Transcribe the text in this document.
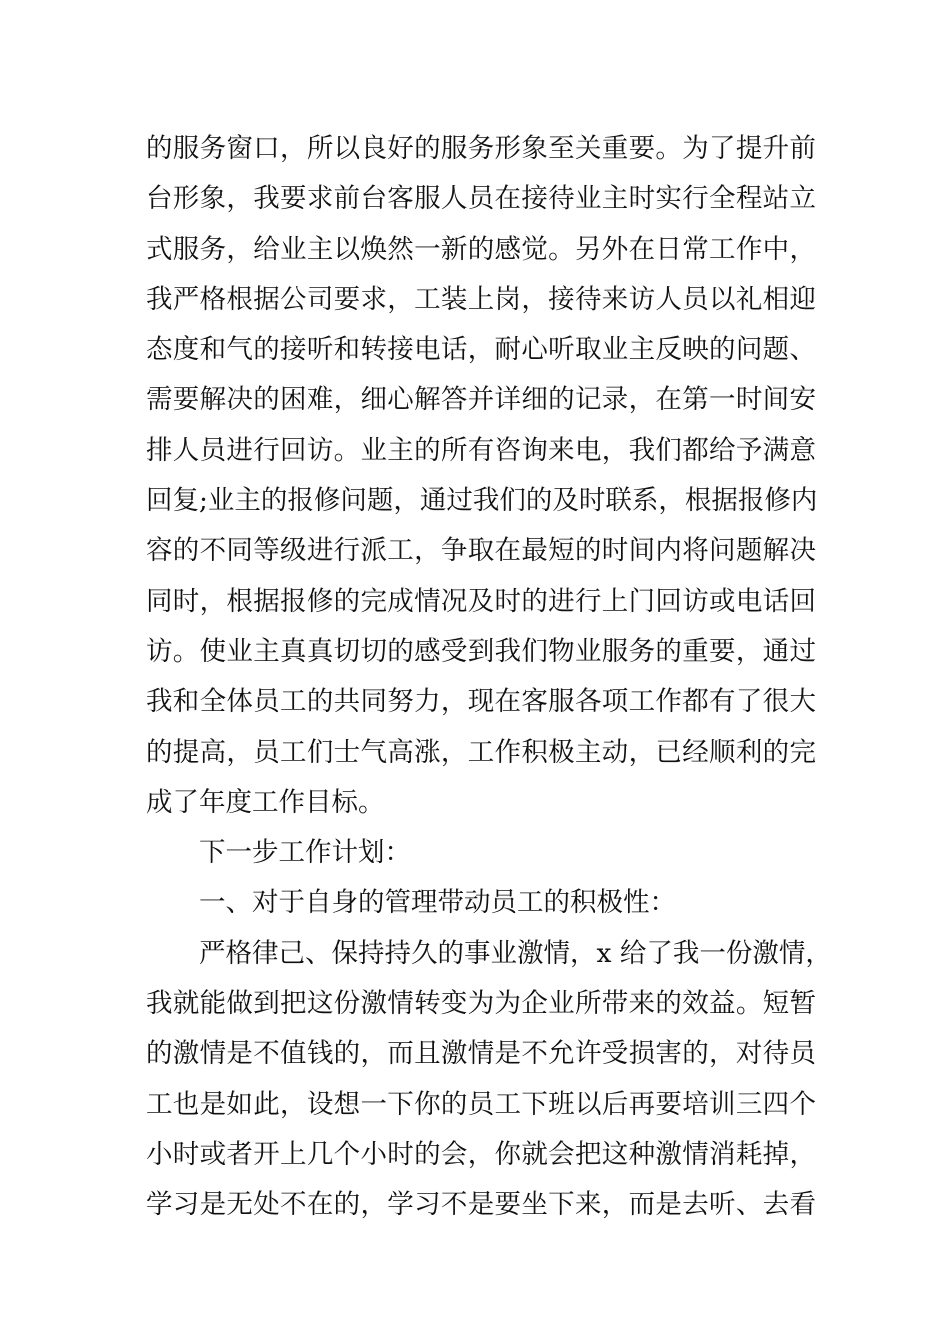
的服务窗口，所以良好的服务形象至关重要。为了提升前
台形象，我要求前台客服人员在接待业主时实行全程站立
式服务，给业主以焕然一新的感觉。另外在日常工作中，
我严格根据公司要求，工装上岗，接待来访人员以礼相迎
态度和气的接听和转接电话，耐心听取业主反映的问题、
需要解决的困难，细心解答并详细的记录，在第一时间安
排人员进行回访。业主的所有咨询来电，我们都给予满意
回复;业主的报修问题，通过我们的及时联系，根据报修内
容的不同等级进行派工，争取在最短的时间内将问题解决
同时，根据报修的完成情况及时的进行上门回访或电话回
访。使业主真真切切的感受到我们物业服务的重要，通过
我和全体员工的共同努力，现在客服各项工作都有了很大
的提高，员工们士气高涨，工作积极主动，已经顺利的完
成了年度工作目标。
下一步工作计划：
一、对于自身的管理带动员工的积极性：
严格律己、保持持久的事业激情，x 给了我一份激情，
我就能做到把这份激情转变为为企业所带来的效益。短暂
的激情是不值钱的，而且激情是不允许受损害的，对待员
工也是如此，设想一下你的员工下班以后再要培训三四个
小时或者开上几个小时的会，你就会把这种激情消耗掉，
学习是无处不在的，学习不是要坐下来，而是去听、去看
